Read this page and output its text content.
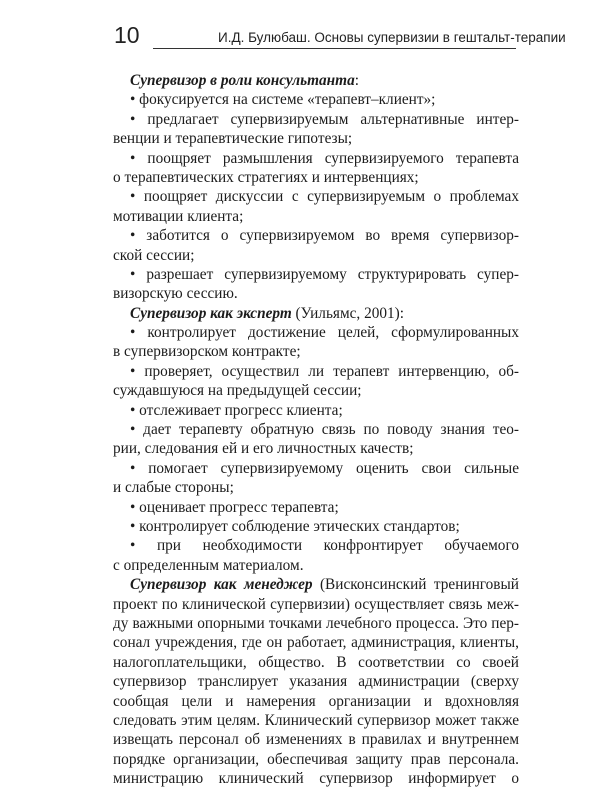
10	И.Д. Булюбаш. Основы супервизии в гештальт-терапии
Супервизор в роли консультанта:
• фокусируется на системе «терапевт–клиент»;
• предлагает супервизируемым альтернативные интер-
венции и терапевтические гипотезы;
• поощряет размышления супервизируемого терапевта
о терапевтических стратегиях и интервенциях;
• поощряет дискуссии с супервизируемым о проблемах
мотивации клиента;
• заботится о супервизируемом во время супервизор-
ской сессии;
• разрешает супервизируемому структурировать супер-
визорскую сессию.
Супервизор как эксперт (Уильямс, 2001):
• контролирует достижение целей, сформулированных
в супервизорском контракте;
• проверяет, осуществил ли терапевт интервенцию, об-
суждавшуюся на предыдущей сессии;
• отслеживает прогресс клиента;
• дает терапевту обратную связь по поводу знания тео-
рии, следования ей и его личностных качеств;
• помогает супервизируемому оценить свои сильные
и слабые стороны;
• оценивает прогресс терапевта;
• контролирует соблюдение этических стандартов;
• при необходимости конфронтирует обучаемого
с определенным материалом.
Супервизор как менеджер (Висконсинский тренинговый
проект по клинической супервизии) осуществляет связь меж-
ду важными опорными точками лечебного процесса. Это пер-
сонал учреждения, где он работает, администрация, клиенты,
налогоплательщики, общество. В соответствии со своей
супервизор транслирует указания администрации (сверху
сообщая цели и намерения организации и вдохновляя
следовать этим целям. Клинический супервизор может также
извещать персонал об изменениях в правилах и внутреннем
порядке организации, обеспечивая защиту прав персонала.
министрацию клинический супервизор информирует о
